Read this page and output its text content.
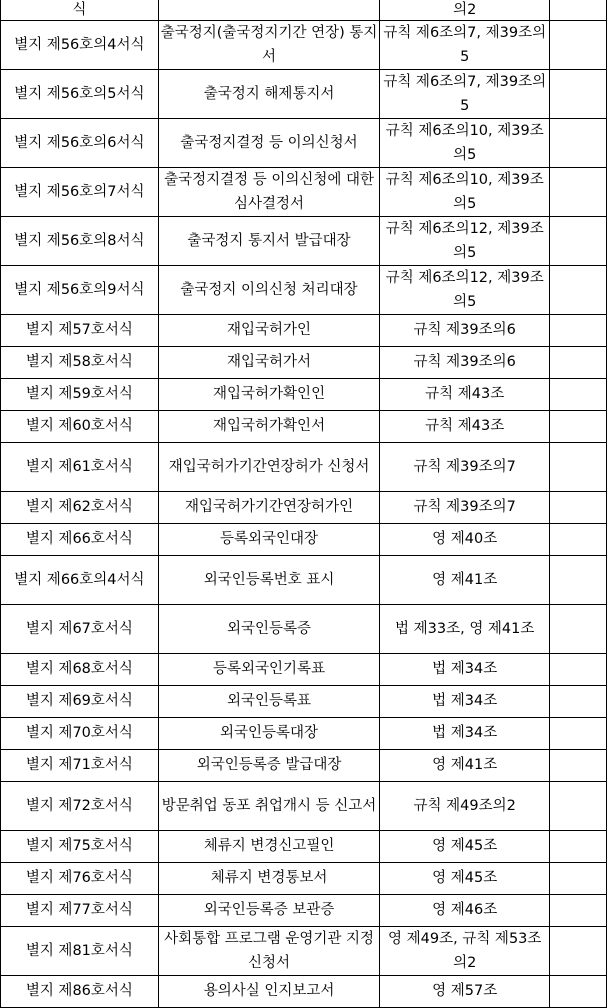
식		의2	
별지 제56호의4서식	출국정지(출국정지기간 연장) 통지서	규칙 제6조의7, 제39조의5	
별지 제56호의5서식	출국정지 해제통지서	규칙 제6조의7, 제39조의5	
별지 제56호의6서식	출국정지결정 등 이의신청서	규칙 제6조의10, 제39조의5	
별지 제56호의7서식	출국정지결정 등 이의신청에 대한 심사결정서	규칙 제6조의10, 제39조의5	
별지 제56호의8서식	출국정지 통지서 발급대장	규칙 제6조의12, 제39조의5	
별지 제56호의9서식	출국정지 이의신청 처리대장	규칙 제6조의12, 제39조의5	
별지 제57호서식	재입국허가인	규칙 제39조의6	
별지 제58호서식	재입국허가서	규칙 제39조의6	
별지 제59호서식	재입국허가확인인	규칙 제43조	
별지 제60호서식	재입국허가확인서	규칙 제43조	
별지 제61호서식	재입국허가기간연장허가 신청서	규칙 제39조의7	
별지 제62호서식	재입국허가기간연장허가인	규칙 제39조의7	
별지 제66호서식	등록외국인대장	영 제40조	
별지 제66호의4서식	외국인등록번호 표시	영 제41조	
별지 제67호서식	외국인등록증	법 제33조, 영 제41조	
별지 제68호서식	등록외국인기록표	법 제34조	
별지 제69호서식	외국인등록표	법 제34조	
별지 제70호서식	외국인등록대장	법 제34조	
별지 제71호서식	외국인등록증 발급대장	영 제41조	
별지 제72호서식	방문취업 동포 취업개시 등 신고서	규칙 제49조의2	
별지 제75호서식	체류지 변경신고필인	영 제45조	
별지 제76호서식	체류지 변경통보서	영 제45조	
별지 제77호서식	외국인등록증 보관증	영 제46조	
별지 제81호서식	사회통합 프로그램 운영기관 지정신청서	영 제49조, 규칙 제53조의2	
별지 제86호서식	용의사실 인지보고서	영 제57조	
